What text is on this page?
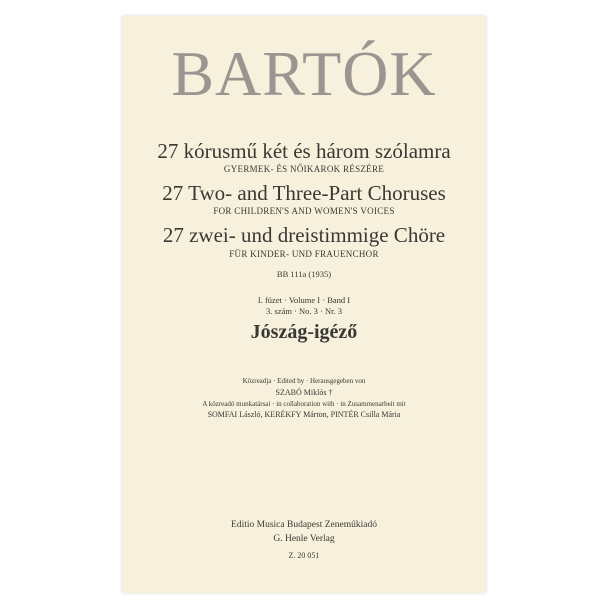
BARTÓK
27 kórusmű két és három szólamra
GYERMEK- ÉS NŐIKAROK RÉSZÉRE
27 Two- and Three-Part Choruses
FOR CHILDREN'S AND WOMEN'S VOICES
27 zwei- und dreistimmige Chöre
FÜR KINDER- UND FRAUENCHOR
BB 111a (1935)
I. füzet · Volume I · Band I
3. szám · No. 3 · Nr. 3
Jószág-igéző
Közreadja · Edited by · Herausgegeben von
SZABÓ Miklós †
A közreadó munkatársai · in collaboration with · in Zusammenarbeit mit
SOMFAI László, KERÉKFY Márton, PINTÉR Csilla Mária
Editio Musica Budapest Zeneműkiadó
G. Henle Verlag
Z. 20 051
